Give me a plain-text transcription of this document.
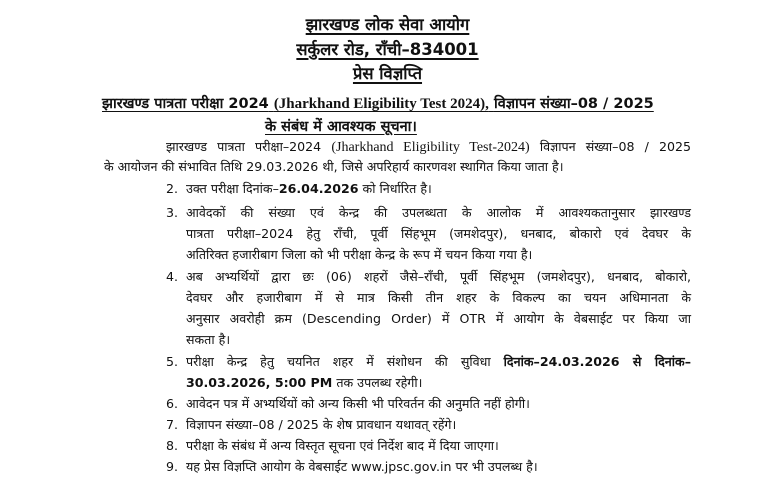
झारखण्ड लोक सेवा आयोग
सर्कुलर रोड, राँची–834001
प्रेस विज्ञप्ति
झारखण्ड पात्रता परीक्षा 2024 (Jharkhand Eligibility Test 2024), विज्ञापन संख्या–08 / 2025
के संबंध में आवश्यक सूचना।
झारखण्ड पात्रता परीक्षा–2024 (Jharkhand Eligibility Test-2024) विज्ञापन संख्या–08 / 2025
के आयोजन की संभावित तिथि 29.03.2026 थी, जिसे अपरिहार्य कारणवश स्थागित किया जाता है।
2. उक्त परीक्षा दिनांक–26.04.2026 को निर्धारित है।
3. आवेदकों की संख्या एवं केन्द्र की उपलब्धता के आलोक में आवश्यकतानुसार झारखण्ड
पात्रता परीक्षा–2024 हेतु राँची, पूर्वी सिंहभूम (जमशेदपुर), धनबाद, बोकारो एवं देवघर के
अतिरिक्त हजारीबाग जिला को भी परीक्षा केन्द्र के रूप में चयन किया गया है।
4. अब अभ्यर्थियों द्वारा छः (06) शहरों जैसे–राँची, पूर्वी सिंहभूम (जमशेदपुर), धनबाद, बोकारो,
देवघर और हजारीबाग में से मात्र किसी तीन शहर के विकल्प का चयन अधिमानता के
अनुसार अवरोही क्रम (Descending Order) में OTR में आयोग के वेबसाईट पर किया जा
सकता है।
5. परीक्षा केन्द्र हेतु चयनित शहर में संशोधन की सुविधा दिनांक–24.03.2026 से दिनांक–
30.03.2026, 5:00 PM तक उपलब्ध रहेगी।
6. आवेदन पत्र में अभ्यर्थियों को अन्य किसी भी परिवर्तन की अनुमति नहीं होगी।
7. विज्ञापन संख्या–08 / 2025 के शेष प्रावधान यथावत् रहेंगे।
8. परीक्षा के संबंध में अन्य विस्तृत सूचना एवं निर्देश बाद में दिया जाएगा।
9. यह प्रेस विज्ञप्ति आयोग के वेबसाईट www.jpsc.gov.in पर भी उपलब्ध है।
